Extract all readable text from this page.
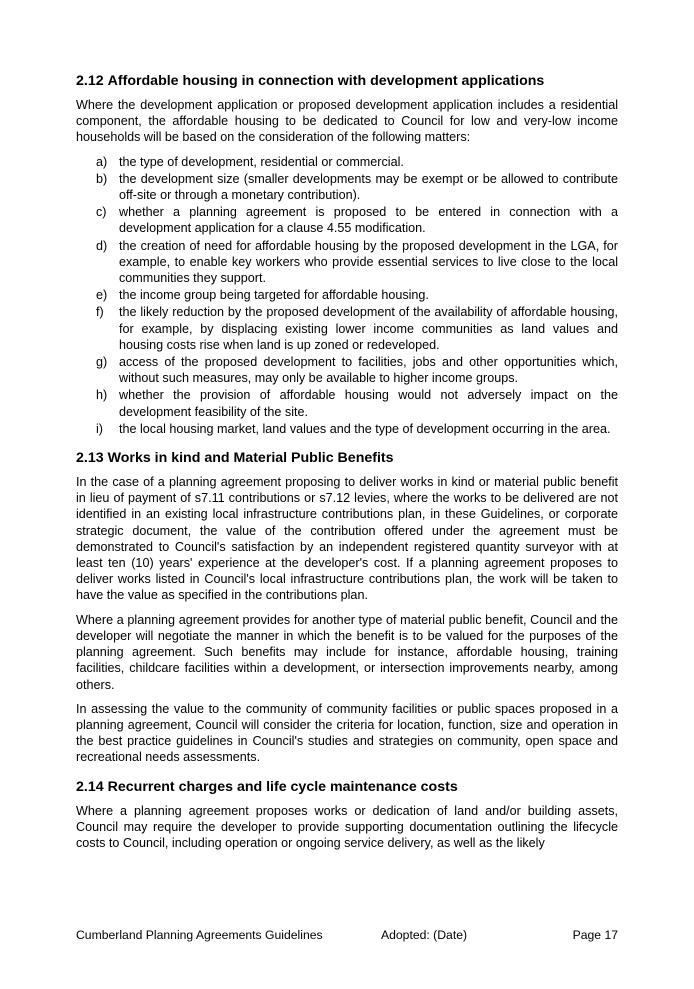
2.12 Affordable housing in connection with development applications

Where the development application or proposed development application includes a residential component, the affordable housing to be dedicated to Council for low and very-low income households will be based on the consideration of the following matters:

a) the type of development, residential or commercial.
b) the development size (smaller developments may be exempt or be allowed to contribute off-site or through a monetary contribution).
c) whether a planning agreement is proposed to be entered in connection with a development application for a clause 4.55 modification.
d) the creation of need for affordable housing by the proposed development in the LGA, for example, to enable key workers who provide essential services to live close to the local communities they support.
e) the income group being targeted for affordable housing.
f) the likely reduction by the proposed development of the availability of affordable housing, for example, by displacing existing lower income communities as land values and housing costs rise when land is up zoned or redeveloped.
g) access of the proposed development to facilities, jobs and other opportunities which, without such measures, may only be available to higher income groups.
h) whether the provision of affordable housing would not adversely impact on the development feasibility of the site.
i) the local housing market, land values and the type of development occurring in the area.
2.13 Works in kind and Material Public Benefits

In the case of a planning agreement proposing to deliver works in kind or material public benefit in lieu of payment of s7.11 contributions or s7.12 levies, where the works to be delivered are not identified in an existing local infrastructure contributions plan, in these Guidelines, or corporate strategic document, the value of the contribution offered under the agreement must be demonstrated to Council's satisfaction by an independent registered quantity surveyor with at least ten (10) years' experience at the developer's cost. If a planning agreement proposes to deliver works listed in Council's local infrastructure contributions plan, the work will be taken to have the value as specified in the contributions plan.

Where a planning agreement provides for another type of material public benefit, Council and the developer will negotiate the manner in which the benefit is to be valued for the purposes of the planning agreement. Such benefits may include for instance, affordable housing, training facilities, childcare facilities within a development, or intersection improvements nearby, among others.

In assessing the value to the community of community facilities or public spaces proposed in a planning agreement, Council will consider the criteria for location, function, size and operation in the best practice guidelines in Council's studies and strategies on community, open space and recreational needs assessments.

2.14 Recurrent charges and life cycle maintenance costs

Where a planning agreement proposes works or dedication of land and/or building assets, Council may require the developer to provide supporting documentation outlining the lifecycle costs to Council, including operation or ongoing service delivery, as well as the likely

Cumberland Planning Agreements Guidelines	Adopted: (Date)	Page 17
